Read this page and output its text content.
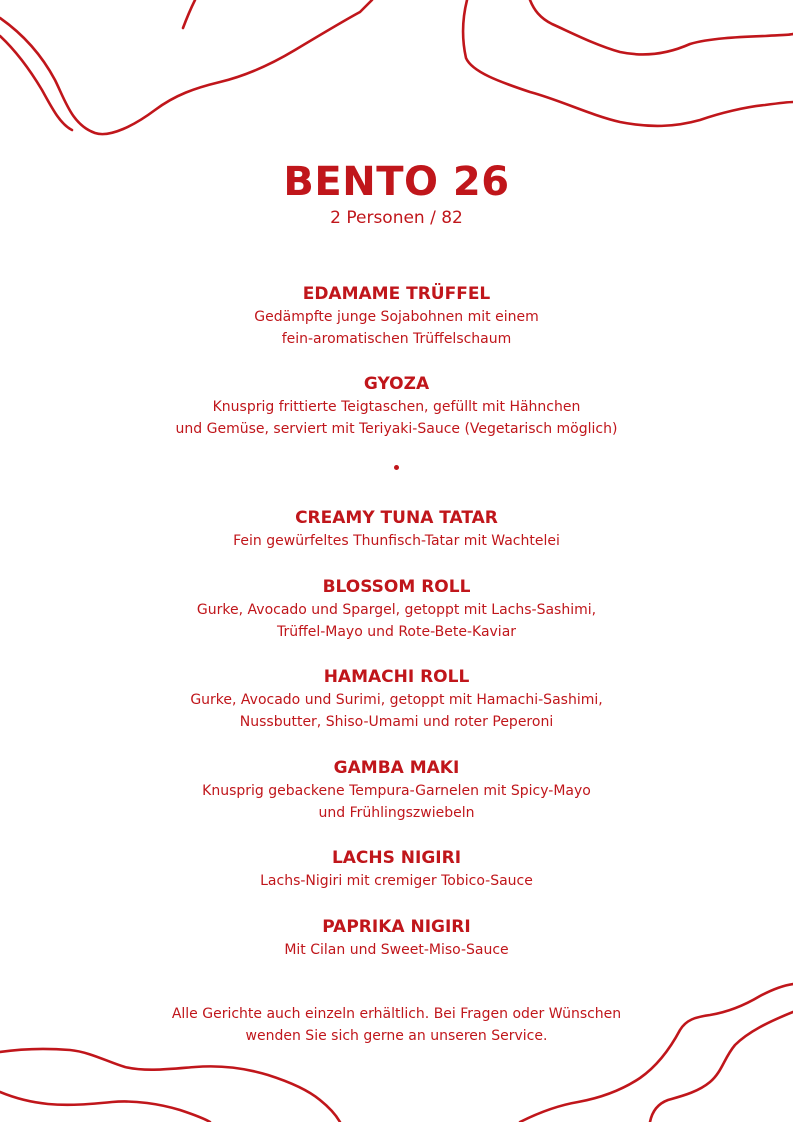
BENTO 26
2 Personen / 82
EDAMAME TRÜFFEL
Gedämpfte junge Sojabohnen mit einem
fein-aromatischen Trüffelschaum
GYOZA
Knusprig frittierte Teigtaschen, gefüllt mit Hähnchen
und Gemüse, serviert mit Teriyaki-Sauce (Vegetarisch möglich)
CREAMY TUNA TATAR
Fein gewürfeltes Thunfisch-Tatar mit Wachtelei
BLOSSOM ROLL
Gurke, Avocado und Spargel, getoppt mit Lachs-Sashimi,
Trüffel-Mayo und Rote-Bete-Kaviar
HAMACHI ROLL
Gurke, Avocado und Surimi, getoppt mit Hamachi-Sashimi,
Nussbutter, Shiso-Umami und roter Peperoni
GAMBA MAKI
Knusprig gebackene Tempura-Garnelen mit Spicy-Mayo
und Frühlingszwiebeln
LACHS NIGIRI
Lachs-Nigiri mit cremiger Tobico-Sauce
PAPRIKA NIGIRI
Mit Cilan und Sweet-Miso-Sauce
Alle Gerichte auch einzeln erhältlich. Bei Fragen oder Wünschen
wenden Sie sich gerne an unseren Service.
